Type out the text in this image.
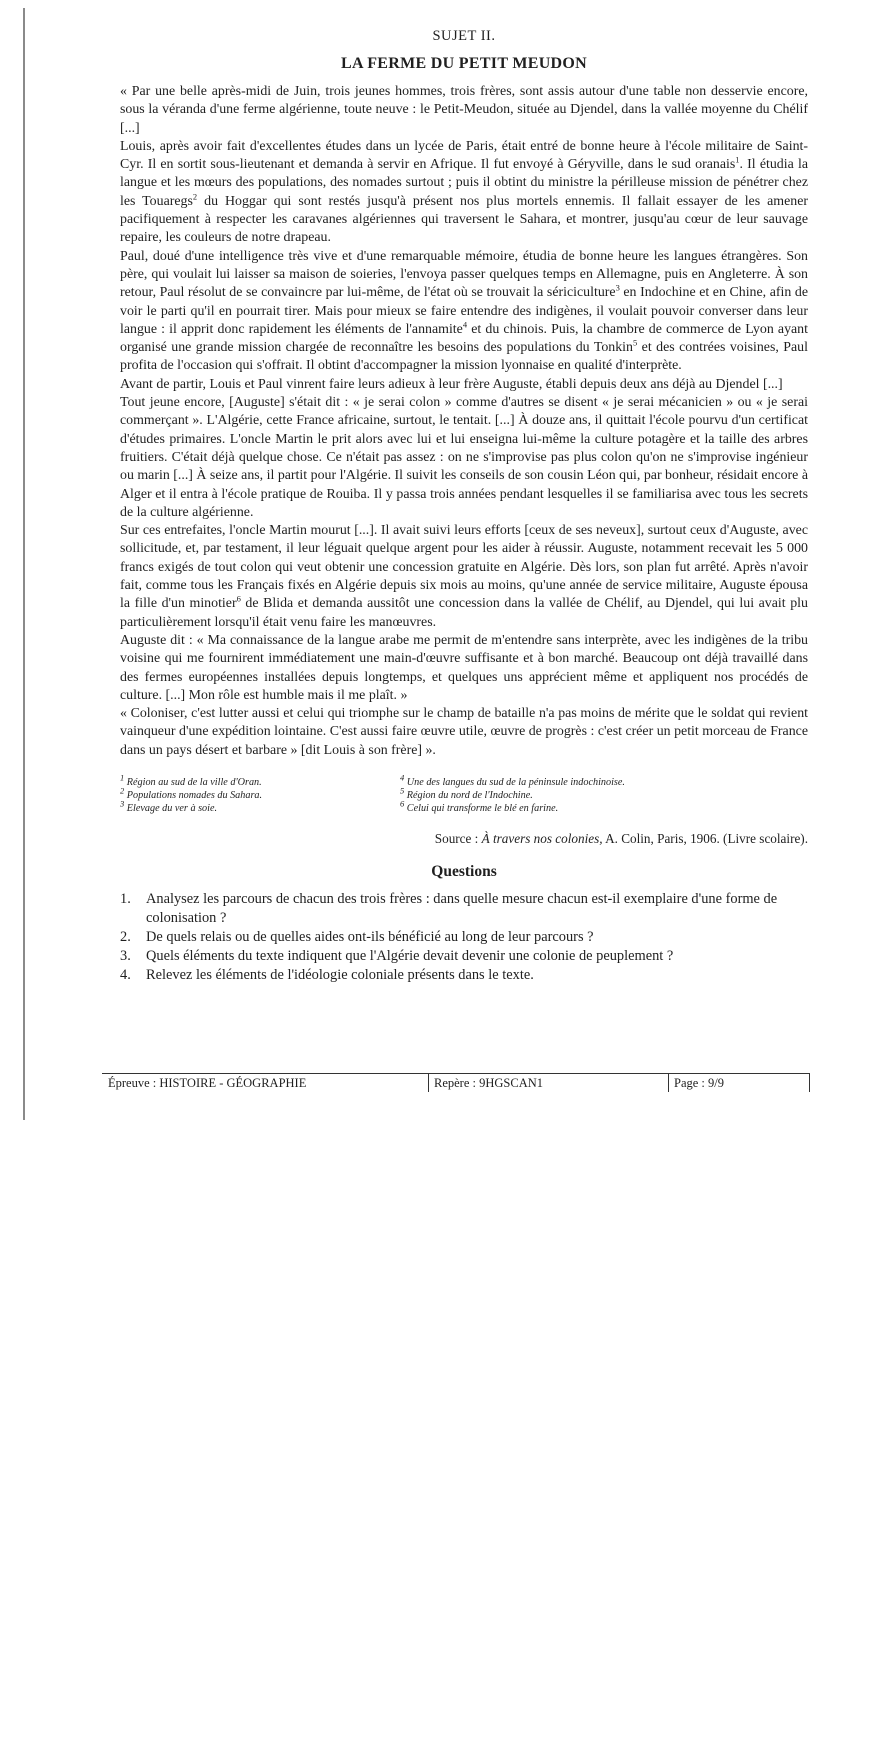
SUJET II.
LA FERME DU PETIT MEUDON

« Par une belle après-midi de Juin, trois jeunes hommes, trois frères, sont assis autour d'une table non desservie encore, sous la véranda d'une ferme algérienne, toute neuve : le Petit-Meudon, située au Djendel, dans la vallée moyenne du Chélif [...]

Louis, après avoir fait d'excellentes études dans un lycée de Paris, était entré de bonne heure à l'école militaire de Saint-Cyr. Il en sortit sous-lieutenant et demanda à servir en Afrique. Il fut envoyé à Géryville, dans le sud oranais$^1$. Il étudia la langue et les mœurs des populations, des nomades surtout ; puis il obtint du ministre la périlleuse mission de pénétrer chez les Touaregs$^2$ du Hoggar qui sont restés jusqu'à présent nos plus mortels ennemis. Il fallait essayer de les amener pacifiquement à respecter les caravanes algériennes qui traversent le Sahara, et montrer, jusqu'au cœur de leur sauvage repaire, les couleurs de notre drapeau.

Paul, doué d'une intelligence très vive et d'une remarquable mémoire, étudia de bonne heure les langues étrangères. Son père, qui voulait lui laisser sa maison de soieries, l'envoya passer quelques temps en Allemagne, puis en Angleterre. À son retour, Paul résolut de se convaincre par lui-même, de l'état où se trouvait la sériciculture$^3$ en Indochine et en Chine, afin de voir le parti qu'il en pourrait tirer. Mais pour mieux se faire entendre des indigènes, il voulait pouvoir converser dans leur langue : il apprit donc rapidement les éléments de l'annamite$^4$ et du chinois. Puis, la chambre de commerce de Lyon ayant organisé une grande mission chargée de reconnaître les besoins des populations du Tonkin$^5$ et des contrées voisines, Paul profita de l'occasion qui s'offrait. Il obtint d'accompagner la mission lyonnaise en qualité d'interprète.

Avant de partir, Louis et Paul vinrent faire leurs adieux à leur frère Auguste, établi depuis deux ans déjà au Djendel [...]

Tout jeune encore, [Auguste] s'était dit : « je serai colon » comme d'autres se disent « je serai mécanicien » ou « je serai commerçant ». L'Algérie, cette France africaine, surtout, le tentait. [...] À douze ans, il quittait l'école pourvu d'un certificat d'études primaires. L'oncle Martin le prit alors avec lui et lui enseigna lui-même la culture potagère et la taille des arbres fruitiers. C'était déjà quelque chose. Ce n'était pas assez : on ne s'improvise pas plus colon qu'on ne s'improvise ingénieur ou marin [...] À seize ans, il partit pour l'Algérie. Il suivit les conseils de son cousin Léon qui, par bonheur, résidait encore à Alger et il entra à l'école pratique de Rouiba. Il y passa trois années pendant lesquelles il se familiarisa avec tous les secrets de la culture algérienne.

Sur ces entrefaites, l'oncle Martin mourut [...]. Il avait suivi leurs efforts [ceux de ses neveux], surtout ceux d'Auguste, avec sollicitude, et, par testament, il leur léguait quelque argent pour les aider à réussir. Auguste, notamment recevait les 5 000 francs exigés de tout colon qui veut obtenir une concession gratuite en Algérie. Dès lors, son plan fut arrêté. Après n'avoir fait, comme tous les Français fixés en Algérie depuis six mois au moins, qu'une année de service militaire, Auguste épousa la fille d'un minotier$^6$ de Blida et demanda aussitôt une concession dans la vallée de Chélif, au Djendel, qui lui avait plu particulièrement lorsqu'il était venu faire les manœuvres.

Auguste dit : « Ma connaissance de la langue arabe me permit de m'entendre sans interprète, avec les indigènes de la tribu voisine qui me fournirent immédiatement une main-d'œuvre suffisante et à bon marché. Beaucoup ont déjà travaillé dans des fermes européennes installées depuis longtemps, et quelques uns apprécient même et appliquent nos procédés de culture. [...] Mon rôle est humble mais il me plaît. »

« Coloniser, c'est lutter aussi et celui qui triomphe sur le champ de bataille n'a pas moins de mérite que le soldat qui revient vainqueur d'une expédition lointaine. C'est aussi faire œuvre utile, œuvre de progrès : c'est créer un petit morceau de France dans un pays désert et barbare » [dit Louis à son frère] ».

$^1$ Région au sud de la ville d'Oran.
$^2$ Populations nomades du Sahara.
$^3$ Elevage du ver à soie.
$^4$ Une des langues du sud de la péninsule indochinoise.
$^5$ Région du nord de l'Indochine.
$^6$ Celui qui transforme le blé en farine.
Source : À travers nos colonies, A. Colin, Paris, 1906. (Livre scolaire).
Questions
1.	Analysez les parcours de chacun des trois frères : dans quelle mesure chacun est-il exemplaire d'une forme de colonisation ?
2.	De quels relais ou de quelles aides ont-ils bénéficié au long de leur parcours ?
3.	Quels éléments du texte indiquent que l'Algérie devait devenir une colonie de peuplement ?
4.	Relevez les éléments de l'idéologie coloniale présents dans le texte.
Épreuve : HISTOIRE - GÉOGRAPHIE	Repère : 9HGSCAN1	Page : 9/9
